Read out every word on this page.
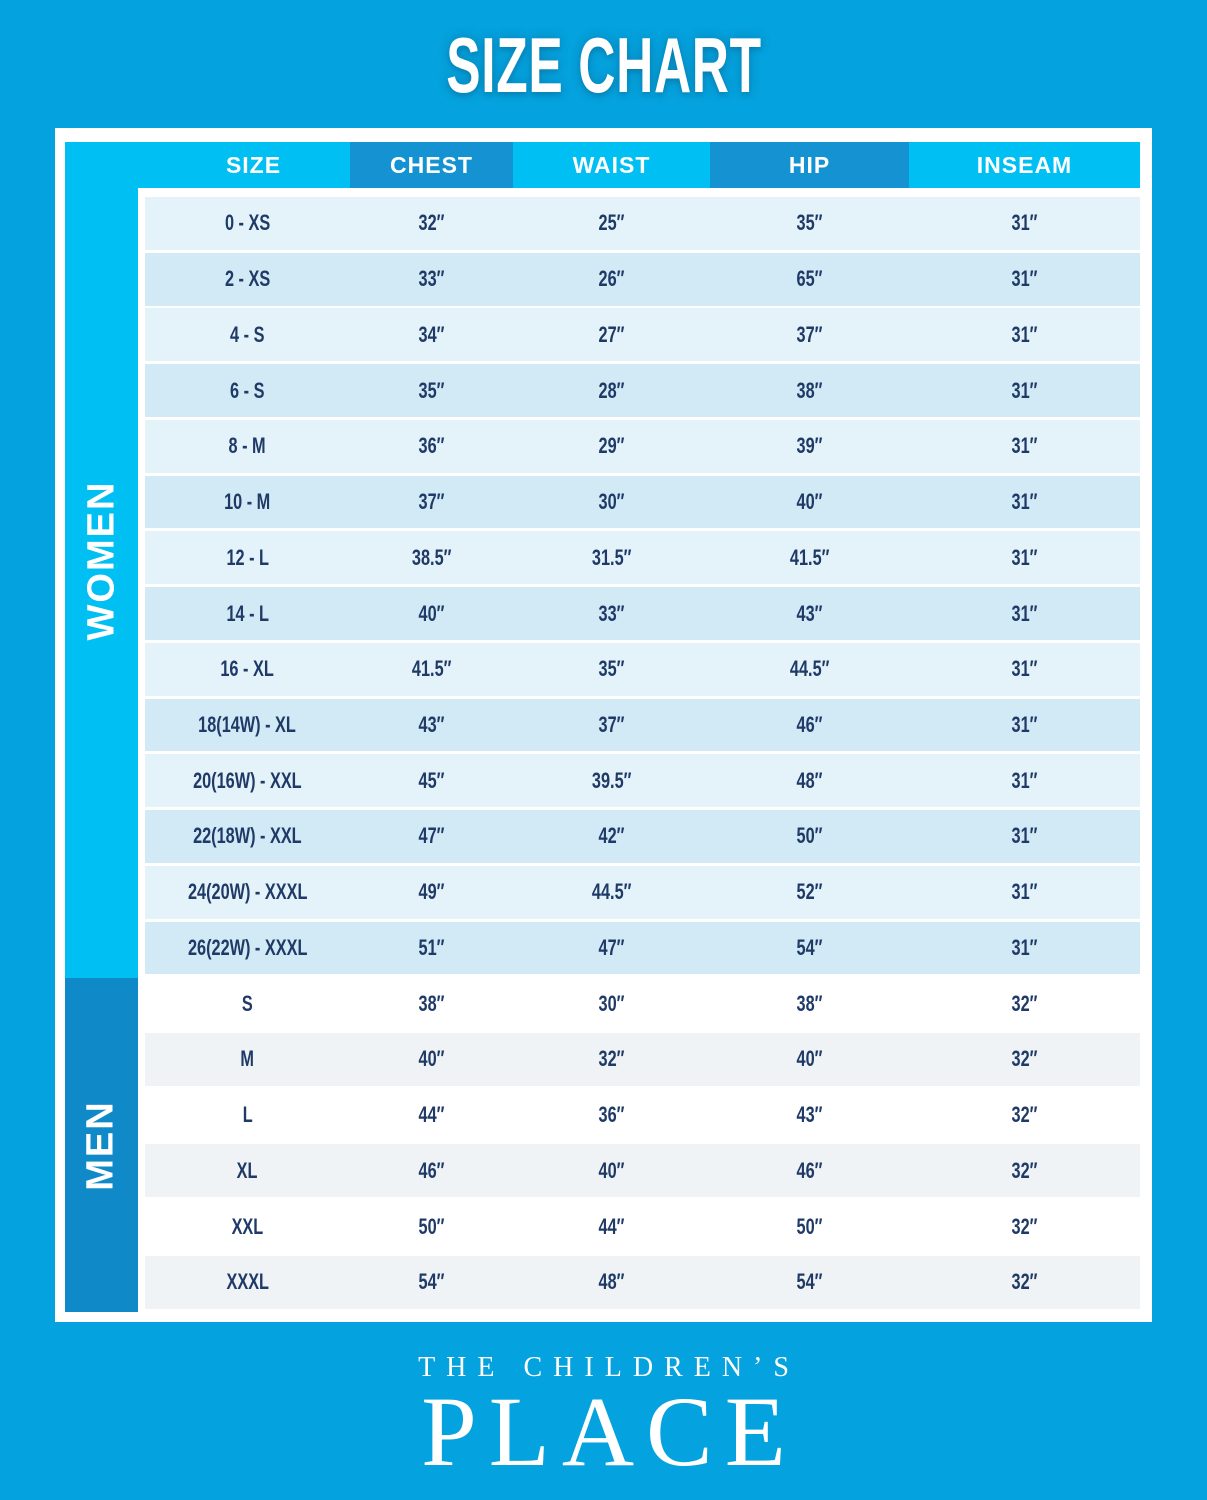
SIZE CHART
WOMEN
MEN
SIZE	CHEST	WAIST	HIP	INSEAM
0 - XS	32″	25″	35″	31″
2 - XS	33″	26″	65″	31″
4 - S	34″	27″	37″	31″
6 - S	35″	28″	38″	31″
8 - M	36″	29″	39″	31″
10 - M	37″	30″	40″	31″
12 - L	38.5″	31.5″	41.5″	31″
14 - L	40″	33″	43″	31″
16 - XL	41.5″	35″	44.5″	31″
18(14W) - XL	43″	37″	46″	31″
20(16W) - XXL	45″	39.5″	48″	31″
22(18W) - XXL	47″	42″	50″	31″
24(20W) - XXXL	49″	44.5″	52″	31″
26(22W) - XXXL	51″	47″	54″	31″
S	38″	30″	38″	32″
M	40″	32″	40″	32″
L	44″	36″	43″	32″
XL	46″	40″	46″	32″
XXL	50″	44″	50″	32″
XXXL	54″	48″	54″	32″
THE CHILDREN’S
PLACE
